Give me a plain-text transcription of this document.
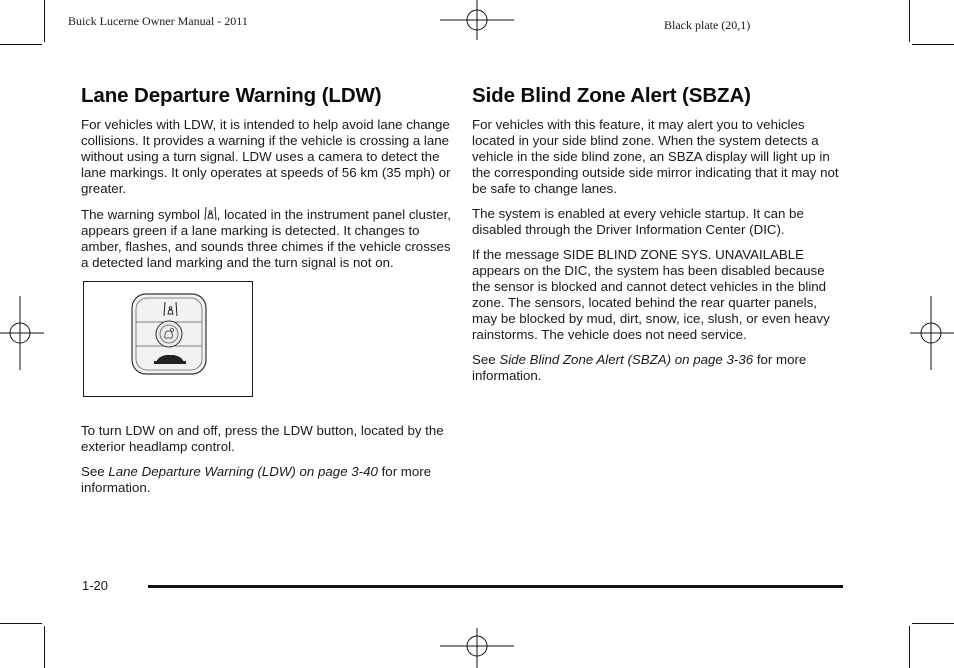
Buick Lucerne Owner Manual - 2011	Black plate (20,1)
Lane Departure Warning (LDW)

For vehicles with LDW, it is intended to help avoid lane change collisions. It provides a warning if the vehicle is crossing a lane without using a turn signal. LDW uses a camera to detect the lane markings. It only operates at speeds of 56 km (35 mph) or greater.

The warning symbol , located in the instrument panel cluster, appears green if a lane marking is detected. It changes to amber, flashes, and sounds three chimes if the vehicle crosses a detected land marking and the turn signal is not on.

To turn LDW on and off, press the LDW button, located by the exterior headlamp control.

See Lane Departure Warning (LDW) on page 3-40 for more information.

Side Blind Zone Alert (SBZA)

For vehicles with this feature, it may alert you to vehicles located in your side blind zone. When the system detects a vehicle in the side blind zone, an SBZA display will light up in the corresponding outside side mirror indicating that it may not be safe to change lanes.

The system is enabled at every vehicle startup. It can be disabled through the Driver Information Center (DIC).

If the message SIDE BLIND ZONE SYS. UNAVAILABLE appears on the DIC, the system has been disabled because the sensor is blocked and cannot detect vehicles in the blind zone. The sensors, located behind the rear quarter panels, may be blocked by mud, dirt, snow, ice, slush, or even heavy rainstorms. The vehicle does not need service.

See Side Blind Zone Alert (SBZA) on page 3-36 for more information.

1-20
